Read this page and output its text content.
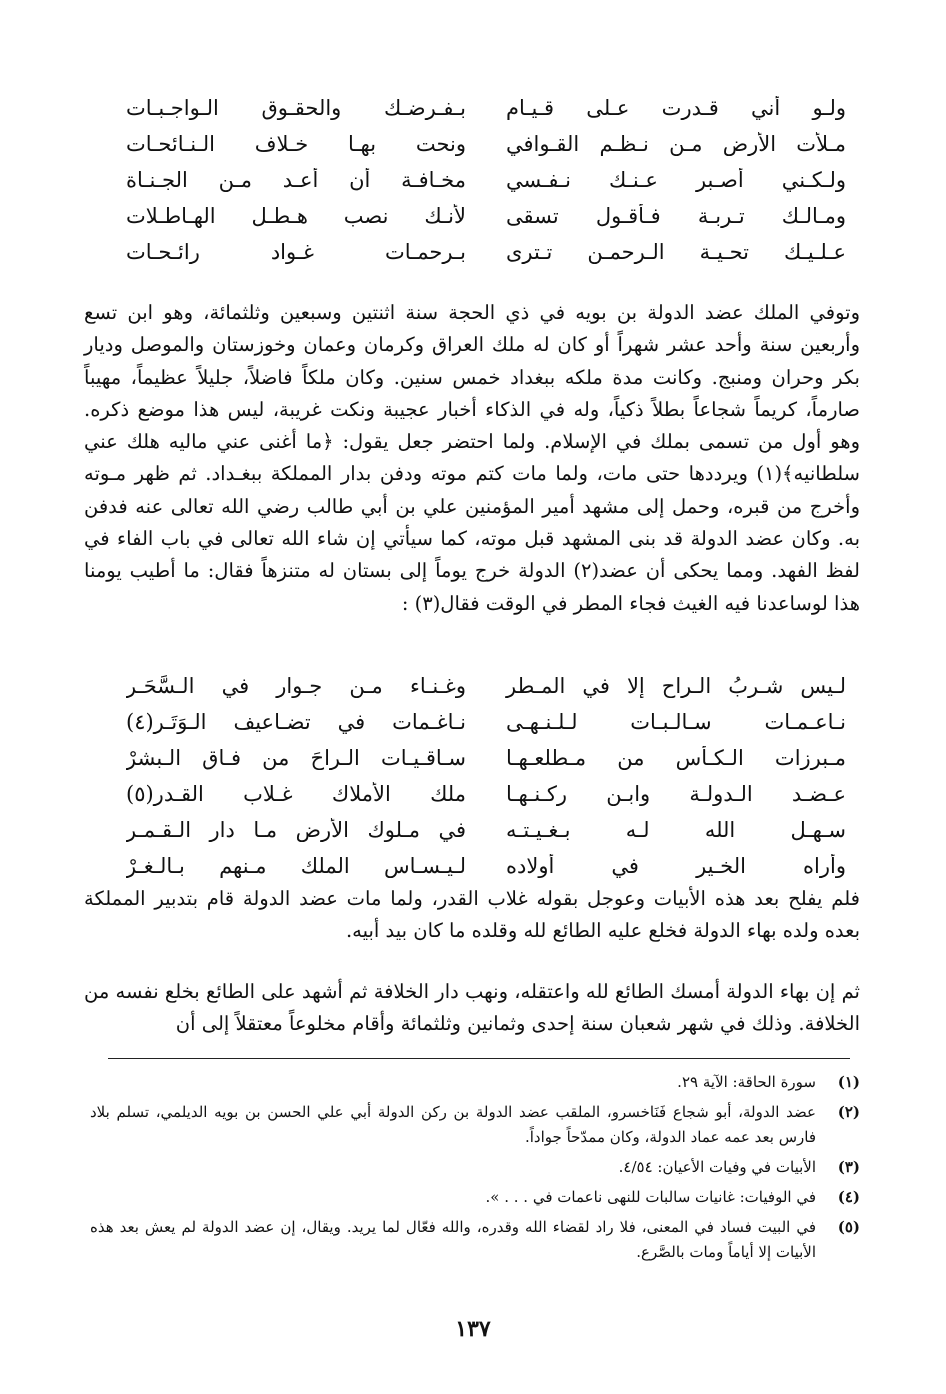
ولـو أني قـدرت عـلى قـيـام
بـفـرضـك والحقـوق الـواجـبـات
مـلأت الأرض مـن نـظـم القـوافي
ونحت بهـا خـلاف الـنـائحـات
ولـكـني أصـبر عـنـك نـفـسي
مخـافـة أن أعـد مـن الجـنـاة
ومـالـك تـربـة فـأقـول تسقى
لأنـك نصب هـطـل الهـاطـلات
عـلـيـك تحـيـة الـرحمـن تـترى
بـرحمـات غـواد رائـحـات

وتوفي الملك عضد الدولة بن بويه في ذي الحجة سنة اثنتين وسبعين وثلثمائة، وهو ابن تسع وأربعين سنة وأحد عشر شهراً أو كان له ملك العراق وكرمان وعمان وخوزستان والموصل وديار بكر وحران ومنبج. وكانت مدة ملكه ببغداد خمس سنين. وكان ملكاً فاضلاً، جليلاً عظيماً، مهيباً صارماً، كريماً شجاعاً بطلاً ذكياً، وله في الذكاء أخبار عجيبة ونكت غريبة، ليس هذا موضع ذكره. وهو أول من تسمى بملك في الإسلام. ولما احتضر جعل يقول: ﴿ما أغنى عني ماليه هلك عني سلطانيه﴾(١) ويرددها حتى مات، ولما مات كتم موته ودفن بدار المملكة ببغـداد. ثم ظهر مـوته وأخرج من قبره، وحمل إلى مشهد أمير المؤمنين علي بن أبي طالب رضي الله تعالى عنه فدفن به. وكان عضد الدولة قد بنى المشهد قبل موته، كما سيأتي إن شاء الله تعالى في باب الفاء في لفظ الفهد. ومما يحكى أن عضد(٢) الدولة خرج يوماً إلى بستان له متنزهاً فقال: ما أطيب يومنا هذا لوساعدنا فيه الغيث فجاء المطر في الوقت فقال(٣) :

لـيس شـربُ الـراح إلا في المـطر
وغـنـاء مـن جـوار في الـسَّحَـر
نـاعـمـات سـالـبـات لـلـنـهـى
نـاغـمات في تضـاعيف الـوَتَـر(٤)
مـبرزات الـكـأس من مـطلعـهـا
سـاقـيـات الـراحَ من فـاق الـبشرْ
عـضـد الـدولـة وابـن ركـنـهـا
ملك الأملاك غـلاب القـدر(٥)
سـهـل الله لـه بـغـيـتـه
في مـلوك الأرض مـا دار الـقـمـر
وأراه الخـير في أولاده
لـيـسـاس الملك مـنهم بـالـغـرْ

فلم يفلح بعد هذه الأبيات وعوجل بقوله غلاب القدر، ولما مات عضد الدولة قام بتدبير المملكة بعده ولده بهاء الدولة فخلع عليه الطائع لله وقلده ما كان بيد أبيه.

ثم إن بهاء الدولة أمسك الطائع لله واعتقله، ونهب دار الخلافة ثم أشهد على الطائع بخلع نفسه من الخلافة. وذلك في شهر شعبان سنة إحدى وثمانين وثلثمائة وأقام مخلوعاً معتقلاً إلى أن

(١)
سورة الحاقة: الآية ٢٩.
(٢)
عضد الدولة، أبو شجاع فَنَاخسرو، الملقب عضد الدولة بن ركن الدولة أبي علي الحسن بن بويه الديلمي، تسلم بلاد فارس بعد عمه عماد الدولة، وكان ممدّحاً جواداً.
(٣)
الأبيات في وفيات الأعيان: ٤/٥٤.
(٤)
في الوفيات: غانيات سالبات للنهى ناعمات في . . . ».
(٥)
في البيت فساد في المعنى، فلا راد لقضاء الله وقدره، والله فعّال لما يريد. ويقال، إن عضد الدولة لم يعش بعد هذه الأبيات إلا أياماً ومات بالصَّرع.
١٣٧
